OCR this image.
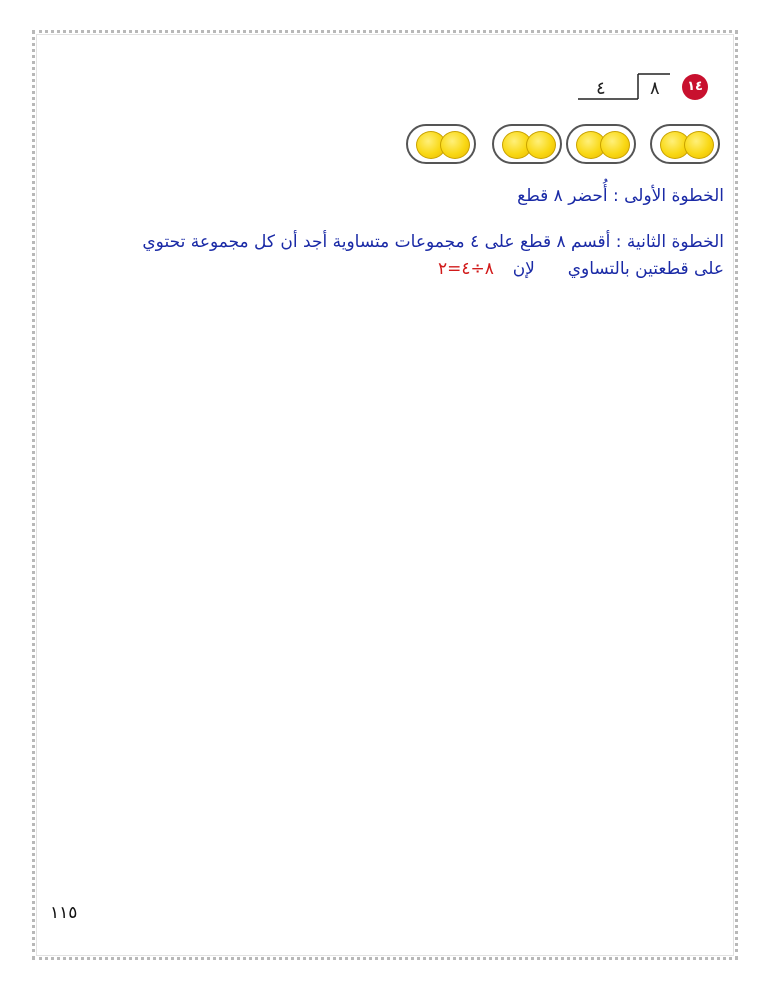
٤ ٨	١٤
الخطوة الأولى : أُحضر ٨ قطع
الخطوة الثانية : أقسم ٨ قطع على ٤ مجموعات متساوية أجد أن كل مجموعة تحتوي
على قطعتين بالتساوي  لإن  ٨÷٤=٢
١١٥
